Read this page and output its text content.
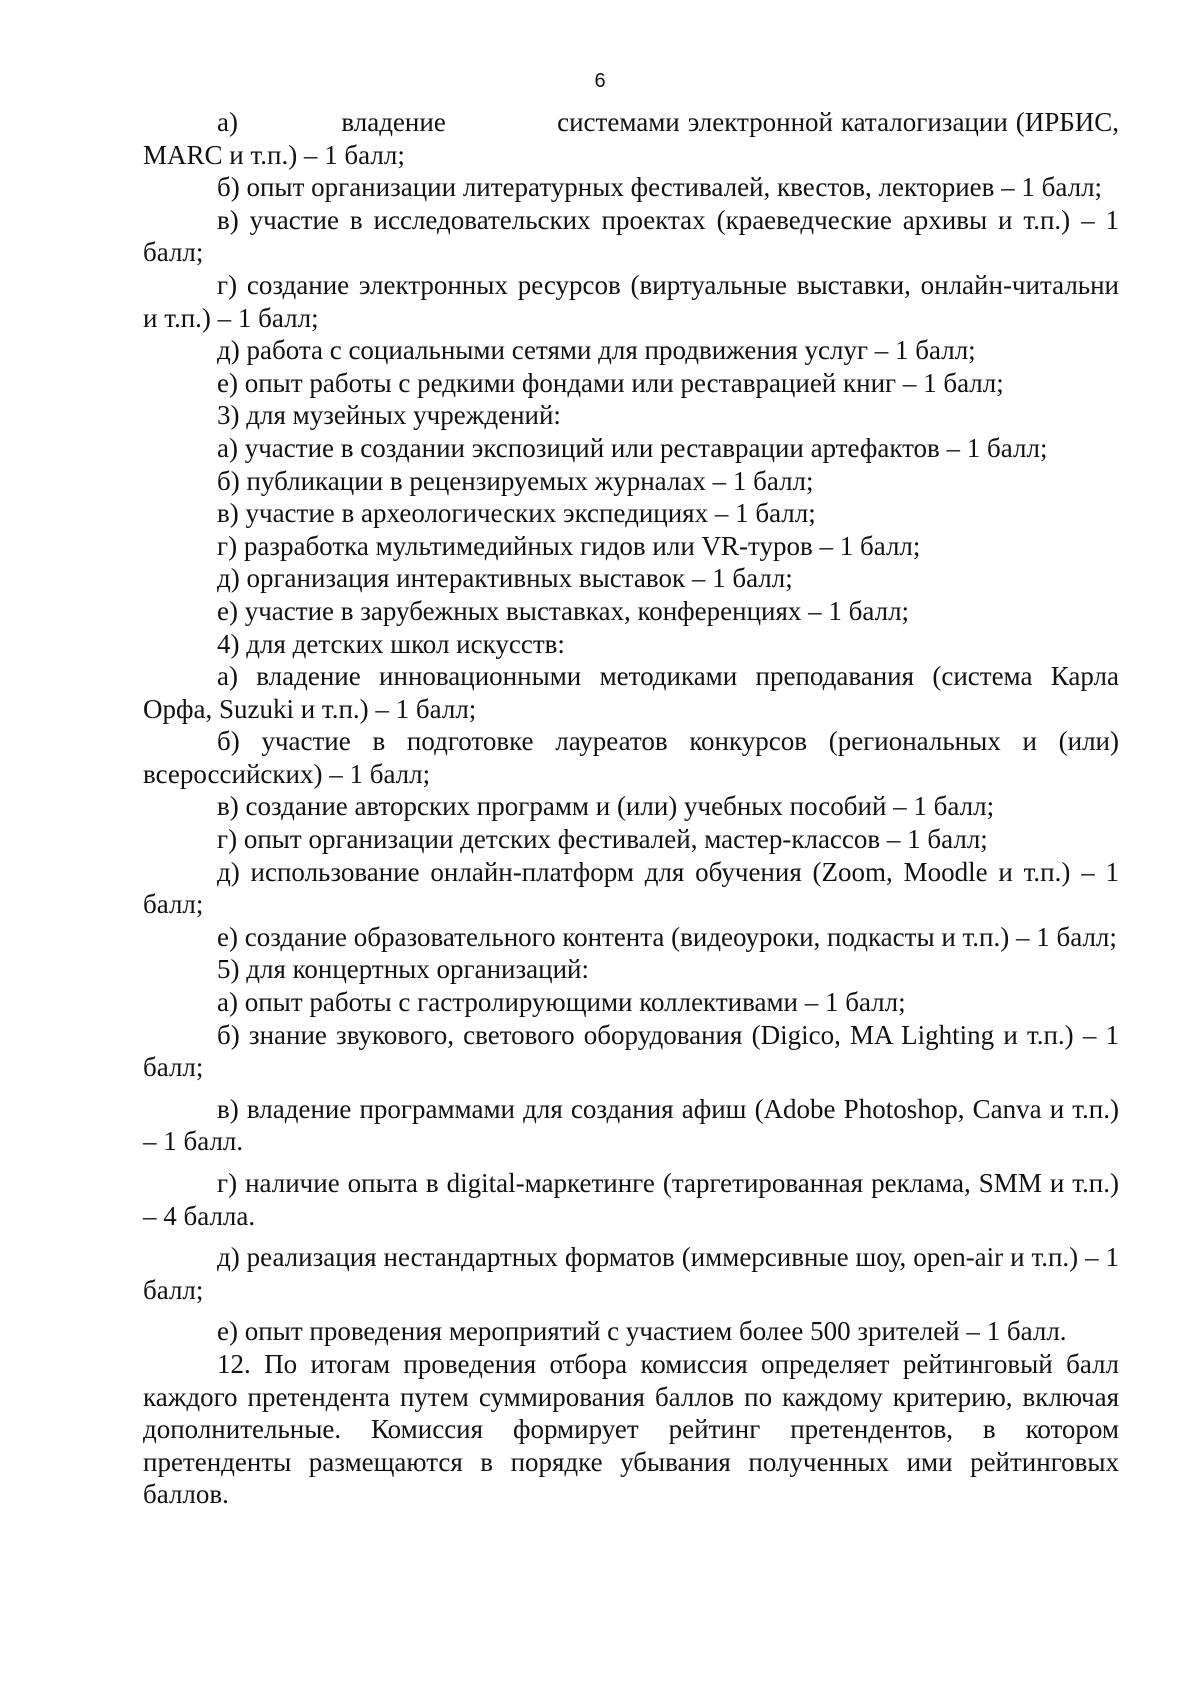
6

а)             владение              системами электронной каталогизации (ИРБИС, MARC и т.п.) – 1 балл;

б) опыт организации литературных фестивалей, квестов, лекториев – 1 балл;

в) участие в исследовательских проектах (краеведческие архивы и т.п.) – 1 балл;

г) создание электронных ресурсов (виртуальные выставки, онлайн-читальни и т.п.) – 1 балл;

д) работа с социальными сетями для продвижения услуг – 1 балл;

е) опыт работы с редкими фондами или реставрацией книг – 1 балл;

3) для музейных учреждений:

а) участие в создании экспозиций или реставрации артефактов – 1 балл;

б) публикации в рецензируемых журналах – 1 балл;

в) участие в археологических экспедициях – 1 балл;

г) разработка мультимедийных гидов или VR-туров – 1 балл;

д) организация интерактивных выставок – 1 балл;

е) участие в зарубежных выставках, конференциях – 1 балл;

4) для детских школ искусств:

а) владение инновационными методиками преподавания (система Карла Орфа, Suzuki и т.п.) – 1 балл;

б) участие в подготовке лауреатов конкурсов (региональных и (или) всероссийских) – 1 балл;

в) создание авторских программ и (или) учебных пособий – 1 балл;

г) опыт организации детских фестивалей, мастер-классов – 1 балл;

д) использование онлайн-платформ для обучения (Zoom, Moodle и т.п.) – 1 балл;

е) создание образовательного контента (видеоуроки, подкасты и т.п.) – 1 балл;

5) для концертных организаций:

а) опыт работы с гастролирующими коллективами – 1 балл;

б) знание звукового, светового оборудования (Digico, MA Lighting и т.п.) – 1 балл;

в) владение программами для создания афиш (Adobe Photoshop, Canva и т.п.) – 1 балл.

г) наличие опыта в digital-маркетинге (таргетированная реклама, SMM и т.п.) – 4 балла.

д) реализация нестандартных форматов (иммерсивные шоу, open-air и т.п.) – 1 балл;

е) опыт проведения мероприятий с участием более 500 зрителей – 1 балл.

12. По итогам проведения отбора комиссия определяет рейтинговый балл каждого претендента путем суммирования баллов по каждому критерию, включая дополнительные. Комиссия формирует рейтинг претендентов, в котором претенденты размещаются в порядке убывания полученных ими рейтинговых баллов.
